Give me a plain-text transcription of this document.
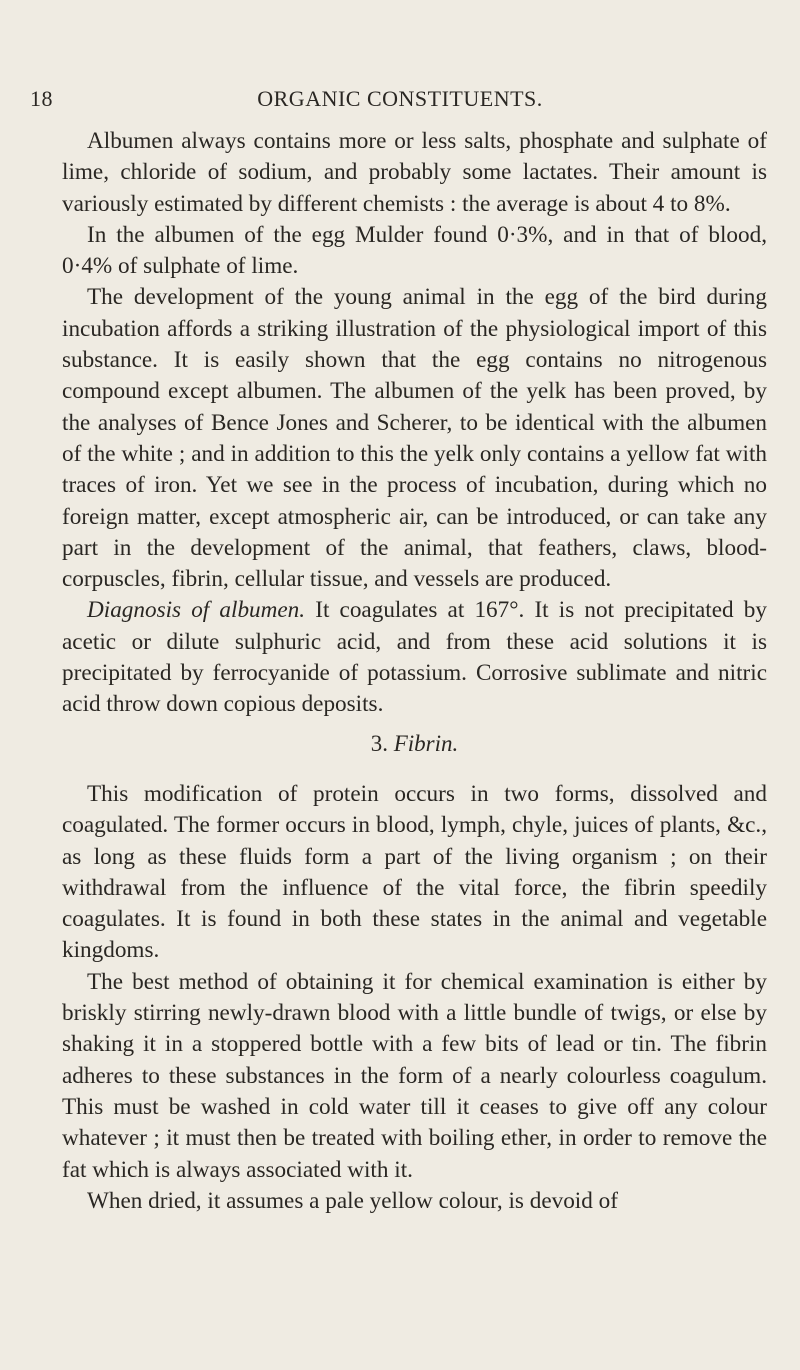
18	ORGANIC CONSTITUENTS.

Albumen always contains more or less salts, phosphate and sulphate of lime, chloride of sodium, and probably some lactates. Their amount is variously estimated by different chemists : the average is about 4 to 8%.

In the albumen of the egg Mulder found 0·3%, and in that of blood, 0·4% of sulphate of lime.

The development of the young animal in the egg of the bird during incubation affords a striking illustration of the physiological import of this substance. It is easily shown that the egg contains no nitrogenous compound except albumen. The albumen of the yelk has been proved, by the analyses of Bence Jones and Scherer, to be identical with the albumen of the white ; and in addition to this the yelk only contains a yellow fat with traces of iron. Yet we see in the process of incubation, during which no foreign matter, except atmospheric air, can be introduced, or can take any part in the development of the animal, that feathers, claws, blood-corpuscles, fibrin, cellular tissue, and vessels are produced.

Diagnosis of albumen. It coagulates at 167°. It is not precipitated by acetic or dilute sulphuric acid, and from these acid solutions it is precipitated by ferrocyanide of potassium. Corrosive sublimate and nitric acid throw down copious deposits.

3. Fibrin.

This modification of protein occurs in two forms, dissolved and coagulated. The former occurs in blood, lymph, chyle, juices of plants, &c., as long as these fluids form a part of the living organism ; on their withdrawal from the influence of the vital force, the fibrin speedily coagulates. It is found in both these states in the animal and vegetable kingdoms.

The best method of obtaining it for chemical examination is either by briskly stirring newly-drawn blood with a little bundle of twigs, or else by shaking it in a stoppered bottle with a few bits of lead or tin. The fibrin adheres to these substances in the form of a nearly colourless coagulum. This must be washed in cold water till it ceases to give off any colour whatever ; it must then be treated with boiling ether, in order to remove the fat which is always associated with it.

When dried, it assumes a pale yellow colour, is devoid of
